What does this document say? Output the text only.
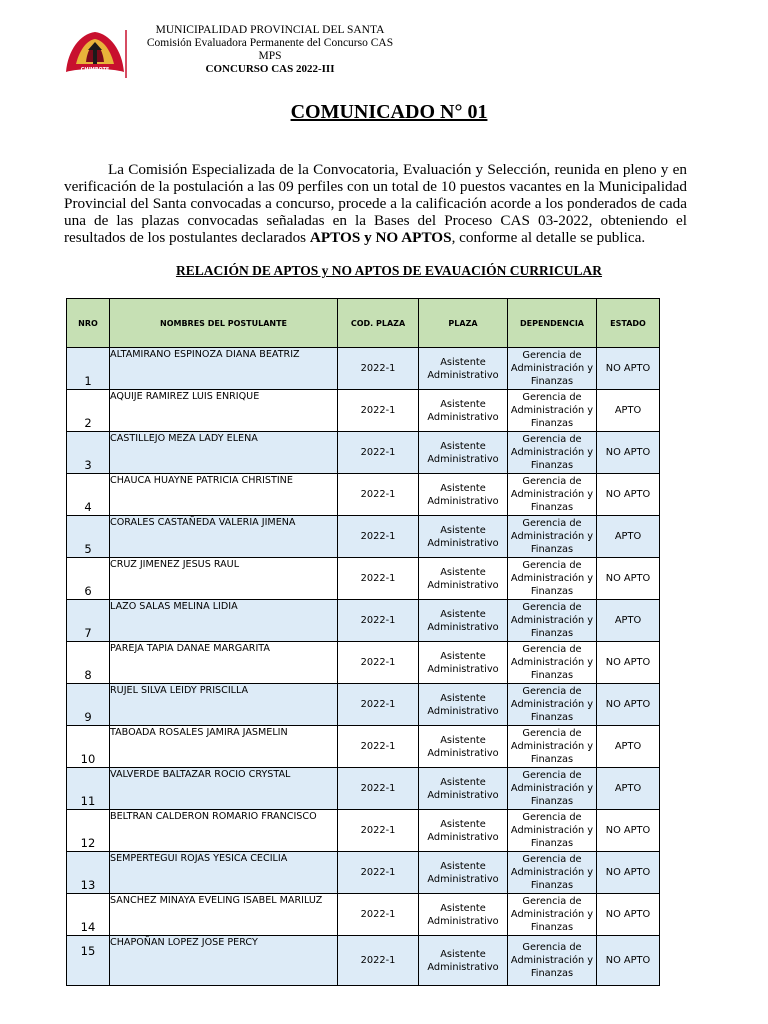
CHIMBOTE
MUNICIPALIDAD PROVINCIAL DEL SANTA
Comisión Evaluadora Permanente del Concurso CAS
MPS
CONCURSO CAS 2022-III
COMUNICADO N° 01

La Comisión Especializada de la Convocatoria, Evaluación y Selección, reunida en pleno y en verificación de la postulación a las 09 perfiles con un total de 10 puestos vacantes en la Municipalidad Provincial del Santa convocadas a concurso, procede a la calificación acorde a los ponderados de cada una de las plazas convocadas señaladas en la Bases del Proceso CAS 03-2022, obteniendo el resultados de los postulantes declarados APTOS y NO APTOS, conforme al detalle se publica.

RELACIÓN DE APTOS y NO APTOS DE EVAUACIÓN CURRICULAR
NRO	NOMBRES DEL POSTULANTE	COD. PLAZA	PLAZA	DEPENDENCIA	ESTADO
1	ALTAMIRANO ESPINOZA DIANA BEATRIZ	2022-1	Asistente Administrativo	Gerencia de Administración y Finanzas	NO APTO
2	AQUIJE RAMIREZ LUIS ENRIQUE	2022-1	Asistente Administrativo	Gerencia de Administración y Finanzas	APTO
3	CASTILLEJO MEZA LADY ELENA	2022-1	Asistente Administrativo	Gerencia de Administración y Finanzas	NO APTO
4	CHAUCA HUAYNE PATRICIA CHRISTINE	2022-1	Asistente Administrativo	Gerencia de Administración y Finanzas	NO APTO
5	CORALES CASTAÑEDA VALERIA JIMENA	2022-1	Asistente Administrativo	Gerencia de Administración y Finanzas	APTO
6	CRUZ JIMENEZ JESUS RAUL	2022-1	Asistente Administrativo	Gerencia de Administración y Finanzas	NO APTO
7	LAZO SALAS MELINA LIDIA	2022-1	Asistente Administrativo	Gerencia de Administración y Finanzas	APTO
8	PAREJA TAPIA DANAE MARGARITA	2022-1	Asistente Administrativo	Gerencia de Administración y Finanzas	NO APTO
9	RUJEL SILVA LEIDY PRISCILLA	2022-1	Asistente Administrativo	Gerencia de Administración y Finanzas	NO APTO
10	TABOADA ROSALES JAMIRA JASMELIN	2022-1	Asistente Administrativo	Gerencia de Administración y Finanzas	APTO
11	VALVERDE BALTAZAR ROCIO CRYSTAL	2022-1	Asistente Administrativo	Gerencia de Administración y Finanzas	APTO
12	BELTRAN CALDERON ROMARIO FRANCISCO	2022-1	Asistente Administrativo	Gerencia de Administración y Finanzas	NO APTO
13	SEMPERTEGUI ROJAS YESICA CECILIA	2022-1	Asistente Administrativo	Gerencia de Administración y Finanzas	NO APTO
14	SANCHEZ MINAYA EVELING ISABEL MARILUZ	2022-1	Asistente Administrativo	Gerencia de Administración y Finanzas	NO APTO
15	CHAPOÑAN LOPEZ JOSE PERCY	2022-1	Asistente Administrativo	Gerencia de Administración y Finanzas	NO APTO
